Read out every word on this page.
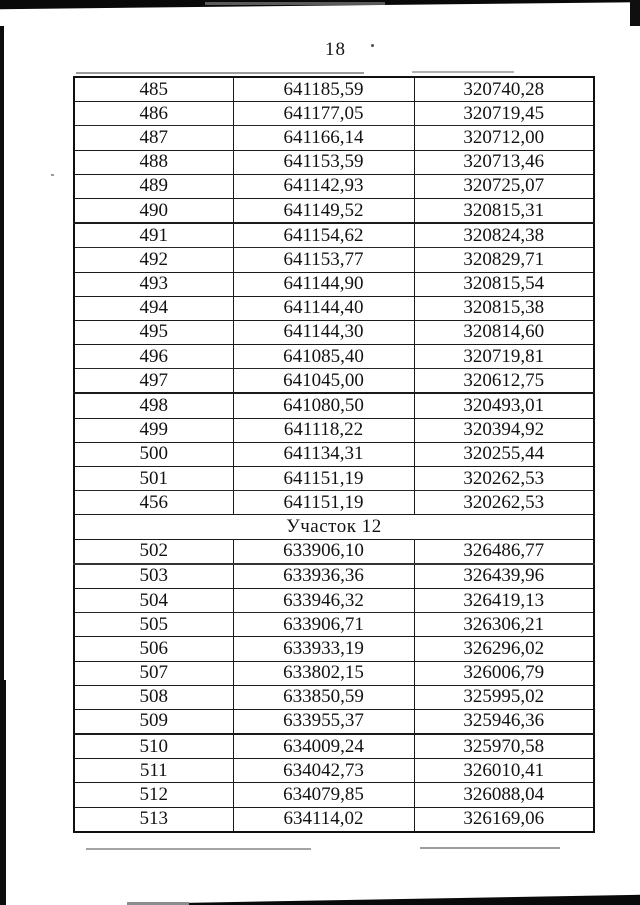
18
485	641185,59	320740,28
486	641177,05	320719,45
487	641166,14	320712,00
488	641153,59	320713,46
489	641142,93	320725,07
490	641149,52	320815,31
491	641154,62	320824,38
492	641153,77	320829,71
493	641144,90	320815,54
494	641144,40	320815,38
495	641144,30	320814,60
496	641085,40	320719,81
497	641045,00	320612,75
498	641080,50	320493,01
499	641118,22	320394,92
500	641134,31	320255,44
501	641151,19	320262,53
456	641151,19	320262,53
Участок 12		
502	633906,10	326486,77
503	633936,36	326439,96
504	633946,32	326419,13
505	633906,71	326306,21
506	633933,19	326296,02
507	633802,15	326006,79
508	633850,59	325995,02
509	633955,37	325946,36
510	634009,24	325970,58
511	634042,73	326010,41
512	634079,85	326088,04
513	634114,02	326169,06
